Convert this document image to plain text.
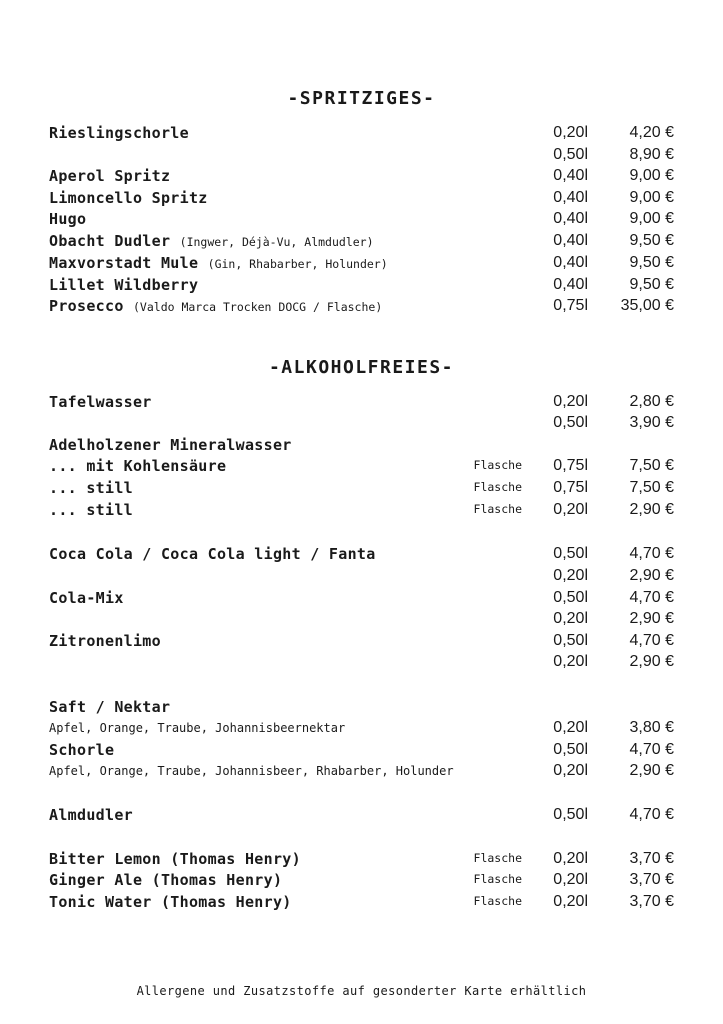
-SPRITZIGES-
Rieslingschorle	0,20l	4,20 €
0,50l	8,90 €
Aperol Spritz	0,40l	9,00 €
Limoncello Spritz	0,40l	9,00 €
Hugo	0,40l	9,00 €
Obacht Dudler (Ingwer, Déjà-Vu, Almdudler)	0,40l	9,50 €
Maxvorstadt Mule (Gin, Rhabarber, Holunder)	0,40l	9,50 €
Lillet Wildberry	0,40l	9,50 €
Prosecco (Valdo Marca Trocken DOCG / Flasche)	0,75l 35,00 €
-ALKOHOLFREIES-
Tafelwasser	0,20l	2,80 €
0,50l	3,90 €
Adelholzener Mineralwasser
... mit Kohlensäure	Flasche 0,75l	7,50 €
... still	Flasche 0,75l	7,50 €
... still	Flasche 0,20l	2,90 €
Coca Cola / Coca Cola light / Fanta	0,50l	4,70 €
0,20l	2,90 €
Cola-Mix	0,50l	4,70 €
0,20l	2,90 €
Zitronenlimo	0,50l	4,70 €
0,20l	2,90 €
Saft / Nektar
Apfel, Orange, Traube, Johannisbeernektar	0,20l	3,80 €
Schorle	0,50l	4,70 €
Apfel, Orange, Traube, Johannisbeer, Rhabarber, Holunder	0,20l	2,90 €
Almdudler	0,50l	4,70 €
Bitter Lemon (Thomas Henry)	Flasche 0,20l	3,70 €
Ginger Ale (Thomas Henry)	Flasche 0,20l	3,70 €
Tonic Water (Thomas Henry)	Flasche 0,20l	3,70 €
Allergene und Zusatzstoffe auf gesonderter Karte erhältlich
